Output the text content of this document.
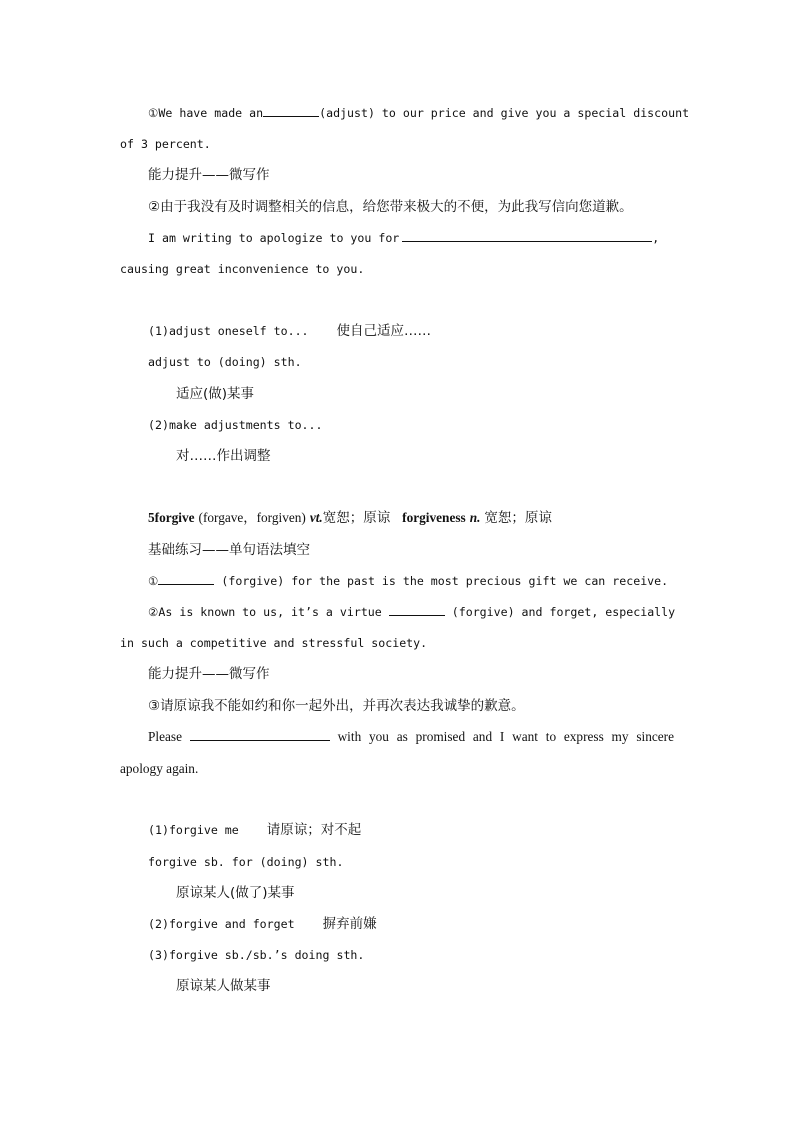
①We have made an	(adjust) to our price and give you a special discount
of 3 percent.
能力提升——微写作
②由于我没有及时调整相关的信息，给您带来极大的不便，为此我写信向您道歉。
I am writing to apologize to you for	,
causing great inconvenience to you.
(1)adjust oneself to... 使自己适应……
adjust to (doing) sth.
适应(做)某事
(2)make adjustments to...
对……作出调整
5forgive (forgave，forgiven) vt.宽恕；原谅 forgiveness n. 宽恕；原谅
基础练习——单句语法填空
①	(forgive) for the past is the most precious gift we can receive.
②As is known to us, it’s a virtue	(forgive) and forget, especially
in such a competitive and stressful society.
能力提升——微写作
③请原谅我不能如约和你一起外出，并再次表达我诚挚的歉意。
Please	with you as promised and I want to express my sincere
apology again.
(1)forgive me 请原谅；对不起
forgive sb. for (doing) sth.
原谅某人(做了)某事
(2)forgive and forget 摒弃前嫌
(3)forgive sb./sb.’s doing sth.
原谅某人做某事
